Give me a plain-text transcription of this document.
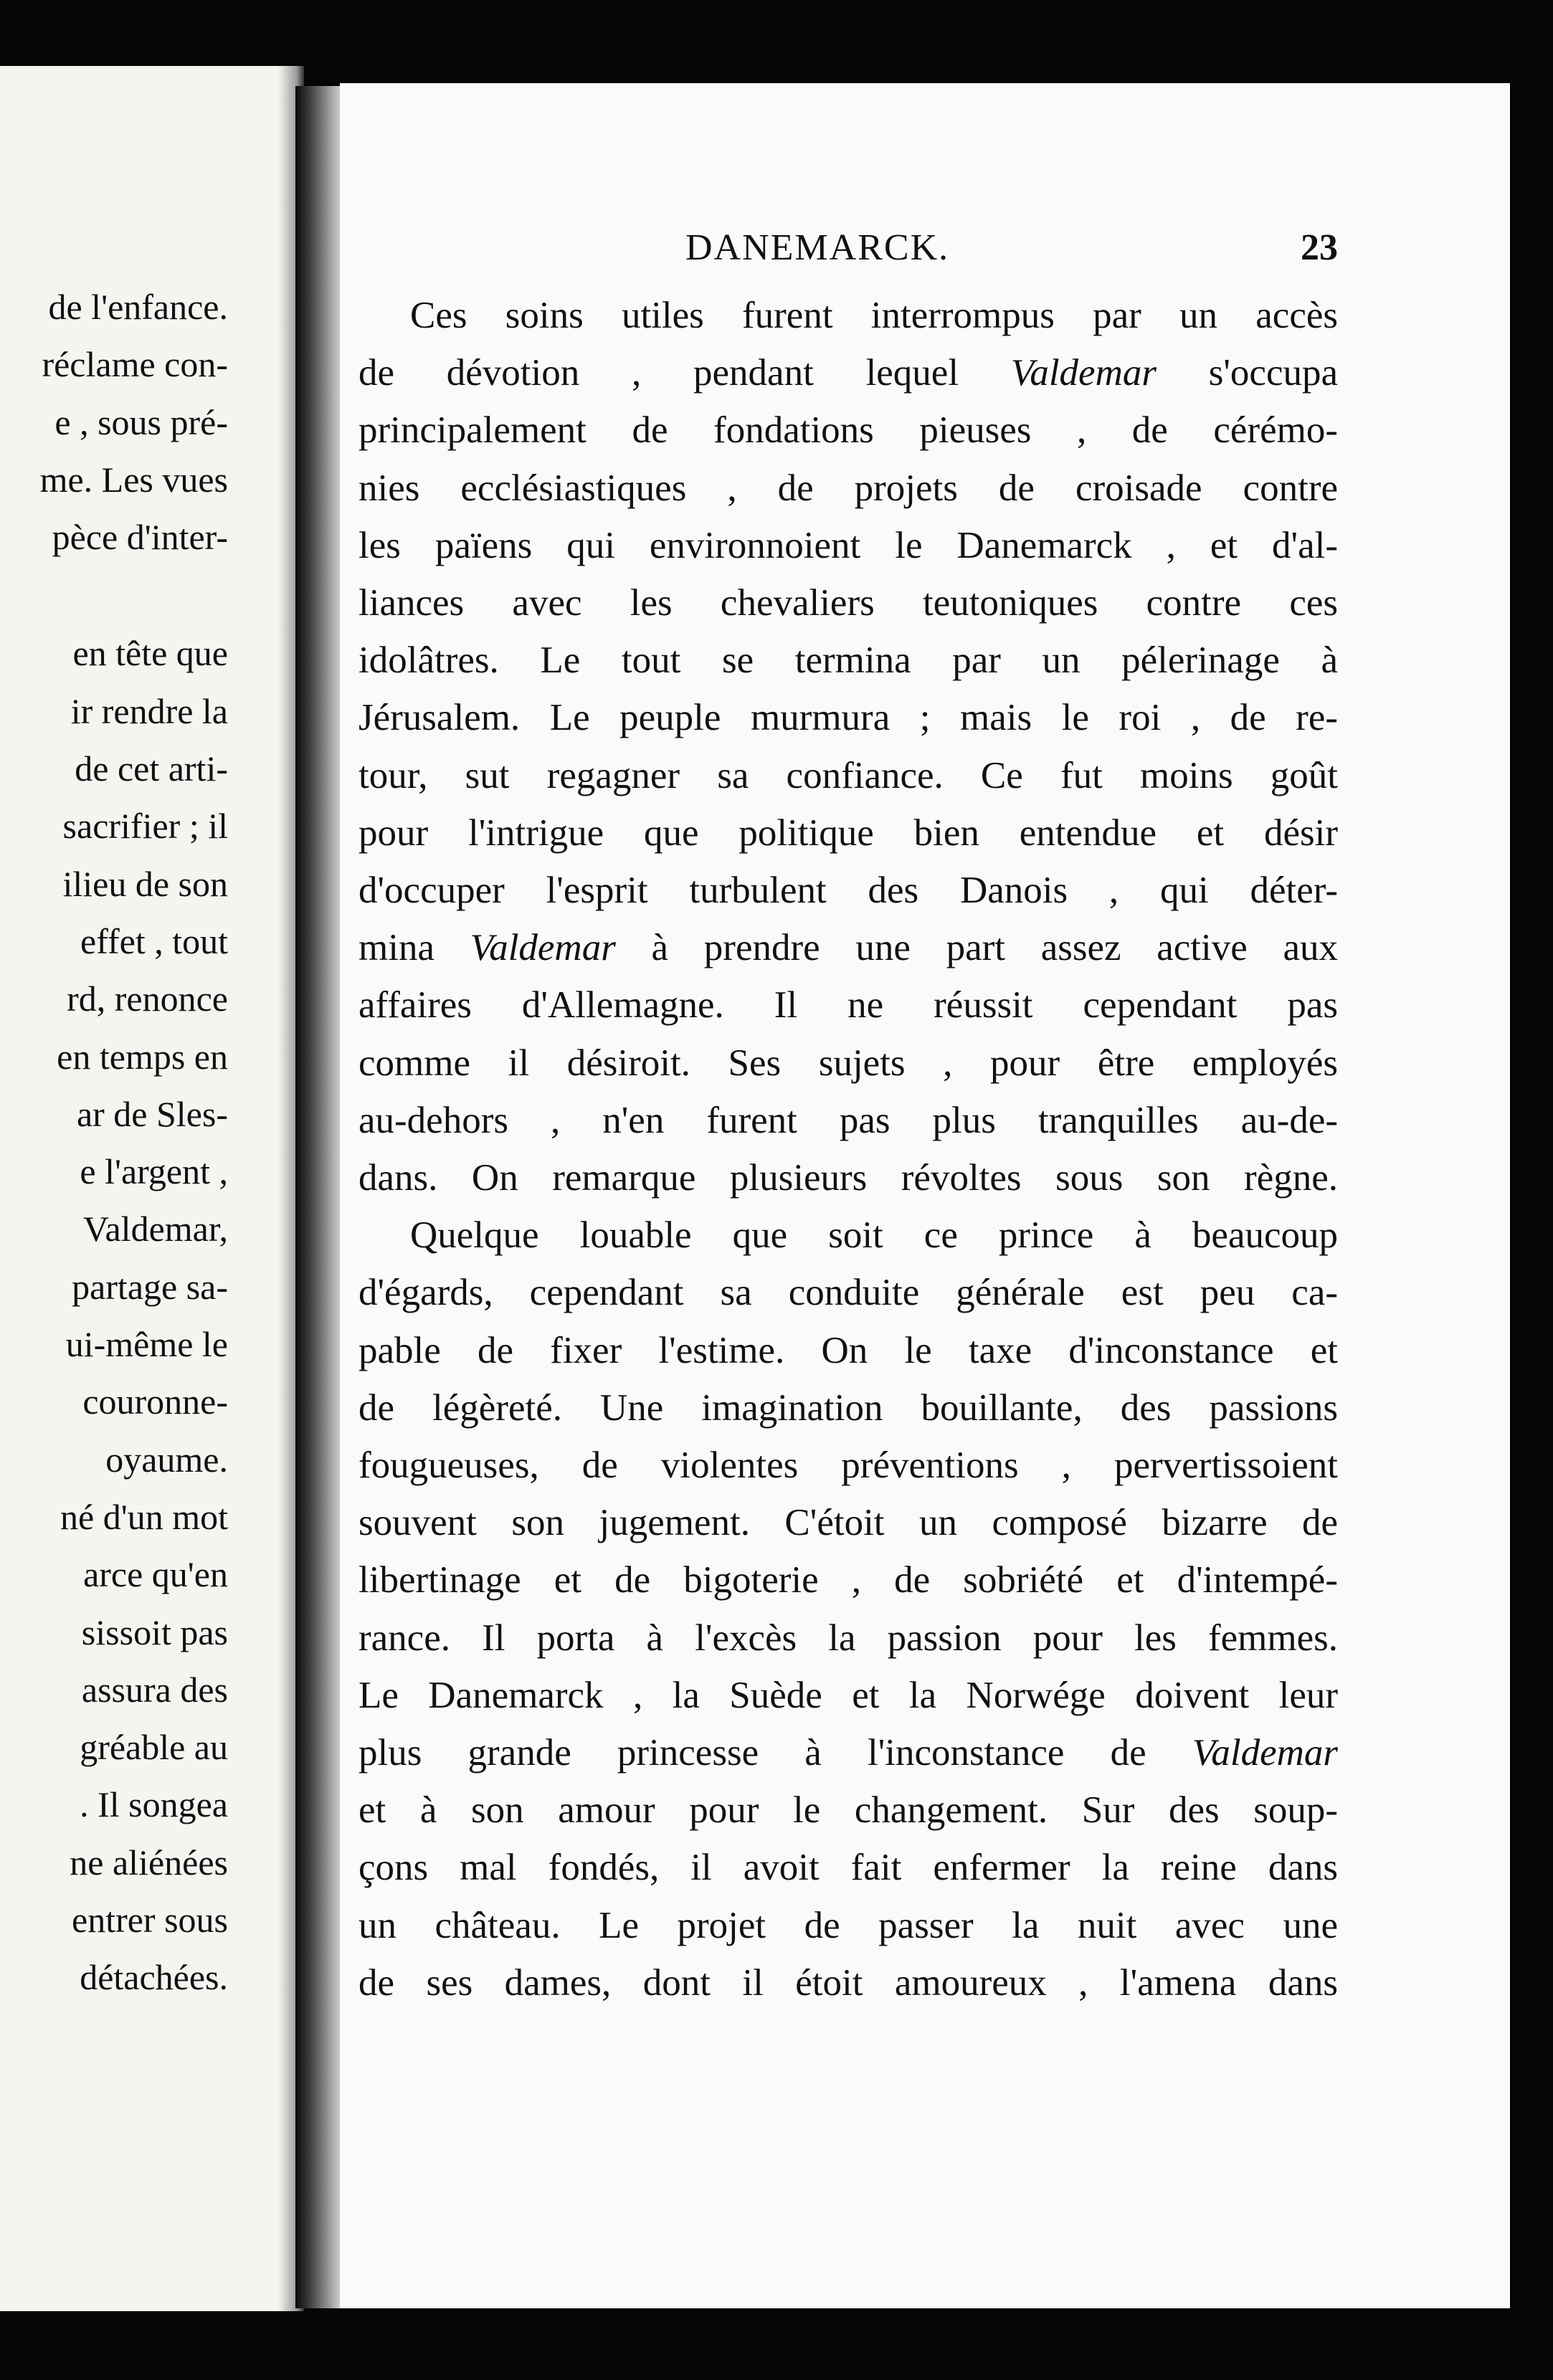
de l'enfance.
réclame con-
e , sous pré-
me. Les vues
pèce d'inter-
en tête que
ir rendre la
de cet arti-
sacrifier ; il
ilieu de son
effet , tout
rd, renonce
en temps en
ar de Sles-
e l'argent ,
Valdemar,
partage sa-
ui-même le
couronne-
oyaume.
né d'un mot
arce qu'en
sissoit pas
assura des
gréable au
. Il songea
ne aliénées
entrer sous
détachées.
DANEMARCK.	23
Ces soins utiles furent interrompus par un accès
de dévotion , pendant lequel Valdemar s'occupa
principalement de fondations pieuses , de cérémo-
nies ecclésiastiques , de projets de croisade contre
les païens qui environnoient le Danemarck , et d'al-
liances avec les chevaliers teutoniques contre ces
idolâtres. Le tout se termina par un pélerinage à
Jérusalem. Le peuple murmura ; mais le roi , de re-
tour, sut regagner sa confiance. Ce fut moins goût
pour l'intrigue que politique bien entendue et désir
d'occuper l'esprit turbulent des Danois , qui déter-
mina Valdemar à prendre une part assez active aux
affaires d'Allemagne. Il ne réussit cependant pas
comme il désiroit. Ses sujets , pour être employés
au-dehors , n'en furent pas plus tranquilles au-de-
dans. On remarque plusieurs révoltes sous son règne.
Quelque louable que soit ce prince à beaucoup
d'égards, cependant sa conduite générale est peu ca-
pable de fixer l'estime. On le taxe d'inconstance et
de légèreté. Une imagination bouillante, des passions
fougueuses, de violentes préventions , pervertissoient
souvent son jugement. C'étoit un composé bizarre de
libertinage et de bigoterie , de sobriété et d'intempé-
rance. Il porta à l'excès la passion pour les femmes.
Le Danemarck , la Suède et la Norwége doivent leur
plus grande princesse à l'inconstance de Valdemar
et à son amour pour le changement. Sur des soup-
çons mal fondés, il avoit fait enfermer la reine dans
un château. Le projet de passer la nuit avec une
de ses dames, dont il étoit amoureux , l'amena dans
